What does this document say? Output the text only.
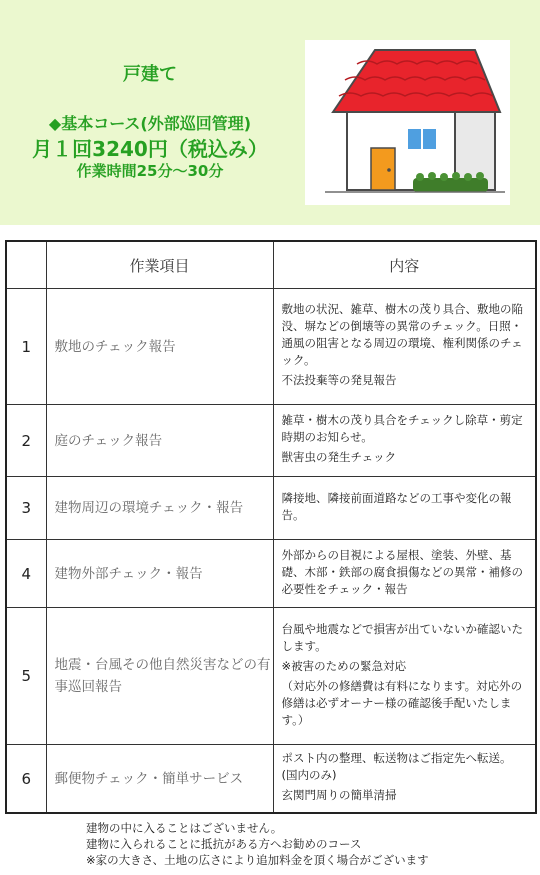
戸建て
◆基本コース(外部巡回管理)
月１回3240円（税込み）
作業時間25分～30分
	作業項目	内容
1	敷地のチェック報告	敷地の状況、雑草、樹木の茂り具合、敷地の陥没、塀などの倒壊等の異常のチェック。日照・通風の阻害となる周辺の環境、権利関係のチェック。

不法投棄等の発見報告

2	庭のチェック報告	雑草・樹木の茂り具合をチェックし除草・剪定時期のお知らせ。

獣害虫の発生チェック

3	建物周辺の環境チェック・報告	隣接地、隣接前面道路などの工事や変化の報告。

4	建物外部チェック・報告	外部からの目視による屋根、塗装、外壁、基礎、木部・鉄部の腐食損傷などの異常・補修の必要性をチェック・報告

5	地震・台風その他自然災害などの有事巡回報告	台風や地震などで損害が出ていないか確認いたします。

※被害のための緊急対応

（対応外の修繕費は有料になります。対応外の修繕は必ずオーナー様の確認後手配いたします。）

6	郵便物チェック・簡単サービス	ポスト内の整理、転送物はご指定先へ転送。(国内のみ)

玄関門周りの簡単清掃

建物の中に入ることはございません。
建物に入られることに抵抗がある方へお勧めのコース
※家の大きさ、土地の広さにより追加料金を頂く場合がございます
